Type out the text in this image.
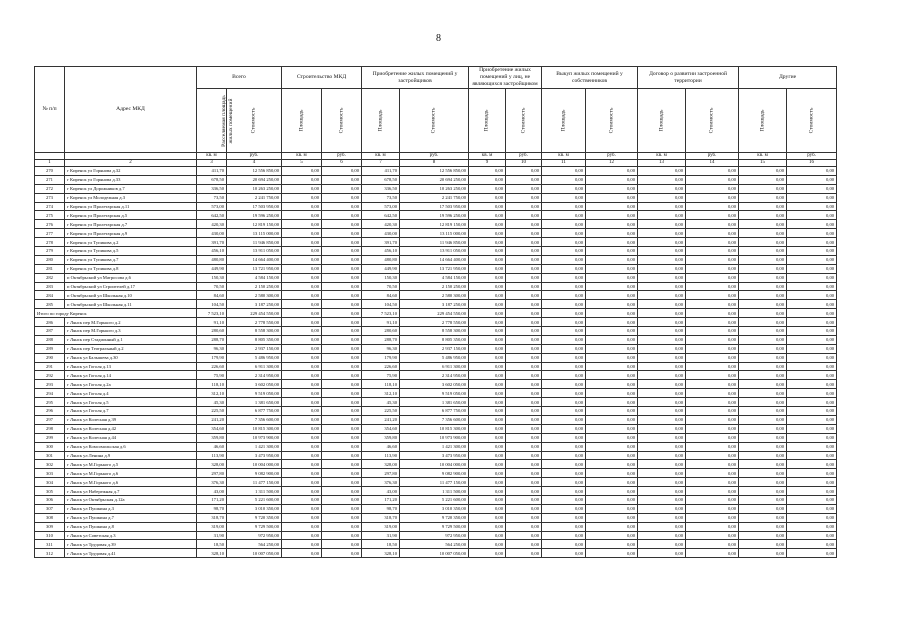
8
№ п/п	Адрес МКД	Всего		Строительство МКД		Приобретение жилых помещений у застройщиков		Приобретение жилых помещений у лиц, не являющихся застройщиком		Выкуп жилых помещений у собственников		Договор о развитии застроенной территории		Другие	
		Расселяемая площадь жилых помещений	Стоимость	Площадь	Стоимость	Площадь	Стоимость	Площадь	Стоимость	Площадь	Стоимость	Площадь	Стоимость	Площадь	Стоимость
		кв. м	руб.	кв. м	руб.	кв. м	руб.	кв. м	руб.	кв. м	руб.	кв. м	руб.	кв. м	руб.
1	2	3	4	5	6	7	8	9	10	11	12	13	14	15	16
270	г Киренск ул Горянова д.32	411,70	12 556 850,00	0,00	0,00	411,70	12 556 850,00	0,00	0,00	0,00	0,00	0,00	0,00	0,00	0,00
271	г Киренск ул Горянова д.33	678,50	20 694 250,00	0,00	0,00	678,50	20 694 250,00	0,00	0,00	0,00	0,00	0,00	0,00	0,00	0,00
272	г Киренск ул Дорожников д.7	336,50	10 263 250,00	0,00	0,00	336,50	10 263 250,00	0,00	0,00	0,00	0,00	0,00	0,00	0,00	0,00
273	г Киренск ул Молодежная д.3	73,50	2 241 750,00	0,00	0,00	73,50	2 241 750,00	0,00	0,00	0,00	0,00	0,00	0,00	0,00	0,00
274	г Киренск ул Пролетарская д.11	573,00	17 503 950,00	0,00	0,00	573,00	17 503 950,00	0,00	0,00	0,00	0,00	0,00	0,00	0,00	0,00
275	г Киренск ул Пролетарская д.5	642,50	19 596 250,00	0,00	0,00	642,50	19 596 250,00	0,00	0,00	0,00	0,00	0,00	0,00	0,00	0,00
276	г Киренск ул Пролетарская д.7	420,30	12 819 150,00	0,00	0,00	420,30	12 819 150,00	0,00	0,00	0,00	0,00	0,00	0,00	0,00	0,00
277	г Киренск ул Пролетарская д.9	430,00	13 115 000,00	0,00	0,00	430,00	13 115 000,00	0,00	0,00	0,00	0,00	0,00	0,00	0,00	0,00
278	г Киренск ул Тупикова д.2	391,70	11 946 850,00	0,00	0,00	391,70	11 946 850,00	0,00	0,00	0,00	0,00	0,00	0,00	0,00	0,00
279	г Киренск ул Тупикова д.5	456,10	13 911 050,00	0,00	0,00	456,10	13 911 050,00	0,00	0,00	0,00	0,00	0,00	0,00	0,00	0,00
280	г Киренск ул Тупикова д.7	480,80	14 664 400,00	0,00	0,00	480,80	14 664 400,00	0,00	0,00	0,00	0,00	0,00	0,00	0,00	0,00
281	г Киренск ул Тупикова д.8	449,90	13 721 950,00	0,00	0,00	449,90	13 721 950,00	0,00	0,00	0,00	0,00	0,00	0,00	0,00	0,00
282	п Октябрьский ул Матросова д.6	150,30	4 584 150,00	0,00	0,00	150,30	4 584 150,00	0,00	0,00	0,00	0,00	0,00	0,00	0,00	0,00
283	п Октябрьский ул Строителей д.17	70,50	2 150 250,00	0,00	0,00	70,50	2 150 250,00	0,00	0,00	0,00	0,00	0,00	0,00	0,00	0,00
284	п Октябрьский ул Школьная д.10	84,60	2 580 300,00	0,00	0,00	84,60	2 580 300,00	0,00	0,00	0,00	0,00	0,00	0,00	0,00	0,00
285	п Октябрьский ул Школьная д.11	104,50	3 187 250,00	0,00	0,00	104,50	3 187 250,00	0,00	0,00	0,00	0,00	0,00	0,00	0,00	0,00
Итого по городу Киренск		7 523,10	229 454 550,00	0,00	0,00	7 523,10	229 454 550,00	0,00	0,00	0,00	0,00	0,00	0,00	0,00	0,00
286	г Лянск пер М.Горького д.2	91,10	2 778 550,00	0,00	0,00	91,10	2 778 550,00	0,00	0,00	0,00	0,00	0,00	0,00	0,00	0,00
287	г Лянск пер М.Горького д.3	280,60	8 558 300,00	0,00	0,00	280,60	8 558 300,00	0,00	0,00	0,00	0,00	0,00	0,00	0,00	0,00
288	г Лянск пер Стадионный д.1	288,70	8 805 350,00	0,00	0,00	288,70	8 805 350,00	0,00	0,00	0,00	0,00	0,00	0,00	0,00	0,00
289	г Лянск пер Театральный д.2	96,30	2 937 150,00	0,00	0,00	96,30	2 937 150,00	0,00	0,00	0,00	0,00	0,00	0,00	0,00	0,00
290	г Лянск ул Балышева д.30	179,90	5 486 950,00	0,00	0,00	179,90	5 486 950,00	0,00	0,00	0,00	0,00	0,00	0,00	0,00	0,00
291	г Лянск ул Гоголя д.13	226,60	6 911 300,00	0,00	0,00	226,60	6 911 300,00	0,00	0,00	0,00	0,00	0,00	0,00	0,00	0,00
292	г Лянск ул Гоголя д.14	75,90	2 314 950,00	0,00	0,00	75,90	2 314 950,00	0,00	0,00	0,00	0,00	0,00	0,00	0,00	0,00
293	г Лянск ул Гоголя д.2а	118,10	3 602 050,00	0,00	0,00	118,10	3 602 050,00	0,00	0,00	0,00	0,00	0,00	0,00	0,00	0,00
294	г Лянск ул Гоголя д.4	312,10	9 519 050,00	0,00	0,00	312,10	9 519 050,00	0,00	0,00	0,00	0,00	0,00	0,00	0,00	0,00
295	г Лянск ул Гоголя д.5	45,30	1 381 650,00	0,00	0,00	45,30	1 381 650,00	0,00	0,00	0,00	0,00	0,00	0,00	0,00	0,00
296	г Лянск ул Гоголя д.7	225,50	6 877 750,00	0,00	0,00	225,50	6 877 750,00	0,00	0,00	0,00	0,00	0,00	0,00	0,00	0,00
297	г Лянск ул Колесная д.39	241,20	7 356 600,00	0,00	0,00	241,20	7 356 600,00	0,00	0,00	0,00	0,00	0,00	0,00	0,00	0,00
298	г Лянск ул Колесная д.42	354,60	10 815 300,00	0,00	0,00	354,60	10 815 300,00	0,00	0,00	0,00	0,00	0,00	0,00	0,00	0,00
299	г Лянск ул Колесная д.44	359,80	10 973 900,00	0,00	0,00	359,80	10 973 900,00	0,00	0,00	0,00	0,00	0,00	0,00	0,00	0,00
300	г Лянск ул Комсомольская д.6	46,60	1 421 300,00	0,00	0,00	46,60	1 421 300,00	0,00	0,00	0,00	0,00	0,00	0,00	0,00	0,00
301	г Лянск ул Ленина д.9	113,90	3 473 950,00	0,00	0,00	113,90	3 473 950,00	0,00	0,00	0,00	0,00	0,00	0,00	0,00	0,00
302	г Лянск ул М.Горького д.5	328,00	10 004 000,00	0,00	0,00	328,00	10 004 000,00	0,00	0,00	0,00	0,00	0,00	0,00	0,00	0,00
303	г Лянск ул М.Горького д.6	297,80	9 082 900,00	0,00	0,00	297,80	9 082 900,00	0,00	0,00	0,00	0,00	0,00	0,00	0,00	0,00
304	г Лянск ул М.Горького д.6	376,30	11 477 150,00	0,00	0,00	376,30	11 477 150,00	0,00	0,00	0,00	0,00	0,00	0,00	0,00	0,00
305	г Лянск ул Набережная д.7	43,00	1 311 500,00	0,00	0,00	43,00	1 311 500,00	0,00	0,00	0,00	0,00	0,00	0,00	0,00	0,00
306	г Лянск ул Октябрьская д.12а	171,20	5 221 600,00	0,00	0,00	171,20	5 221 600,00	0,00	0,00	0,00	0,00	0,00	0,00	0,00	0,00
307	г Лянск ул Пушкина д.3	98,70	3 010 350,00	0,00	0,00	98,70	3 010 350,00	0,00	0,00	0,00	0,00	0,00	0,00	0,00	0,00
308	г Лянск ул Пушкина д.7	318,70	9 720 350,00	0,00	0,00	318,70	9 720 350,00	0,00	0,00	0,00	0,00	0,00	0,00	0,00	0,00
309	г Лянск ул Пушкина д.8	319,00	9 729 500,00	0,00	0,00	319,00	9 729 500,00	0,00	0,00	0,00	0,00	0,00	0,00	0,00	0,00
310	г Лянск ул Советская д.3	31,90	972 950,00	0,00	0,00	31,90	972 950,00	0,00	0,00	0,00	0,00	0,00	0,00	0,00	0,00
311	г Лянск ул Трудовая д.39	18,50	564 250,00	0,00	0,00	18,50	564 250,00	0,00	0,00	0,00	0,00	0,00	0,00	0,00	0,00
312	г Лянск ул Трудовая д.41	328,10	10 007 050,00	0,00	0,00	328,10	10 007 050,00	0,00	0,00	0,00	0,00	0,00	0,00	0,00	0,00
